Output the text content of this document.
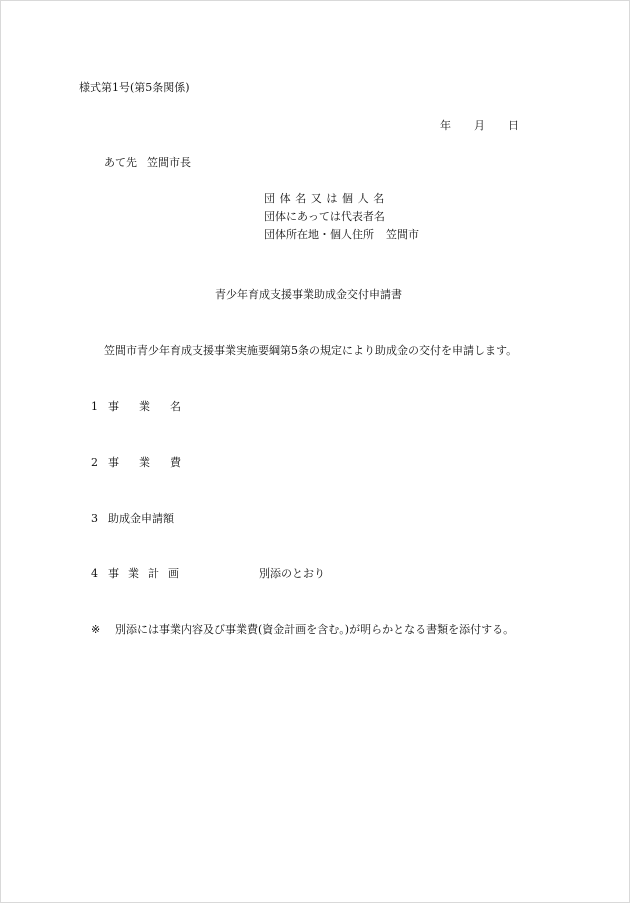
様式第1号(第5条関係)
年 月 日
あて先 笠間市長
団体名又は個人名
団体にあっては代表者名
団体所在地・個人住所 笠間市
青少年育成支援事業助成金交付申請書
笠間市青少年育成支援事業実施要綱第5条の規定により助成金の交付を申請します。
1 事業名
2 事業費
3 助成金申請額
4 事業計画	別添のとおり
※ 別添には事業内容及び事業費(資金計画を含む。)が明らかとなる書類を添付する。
